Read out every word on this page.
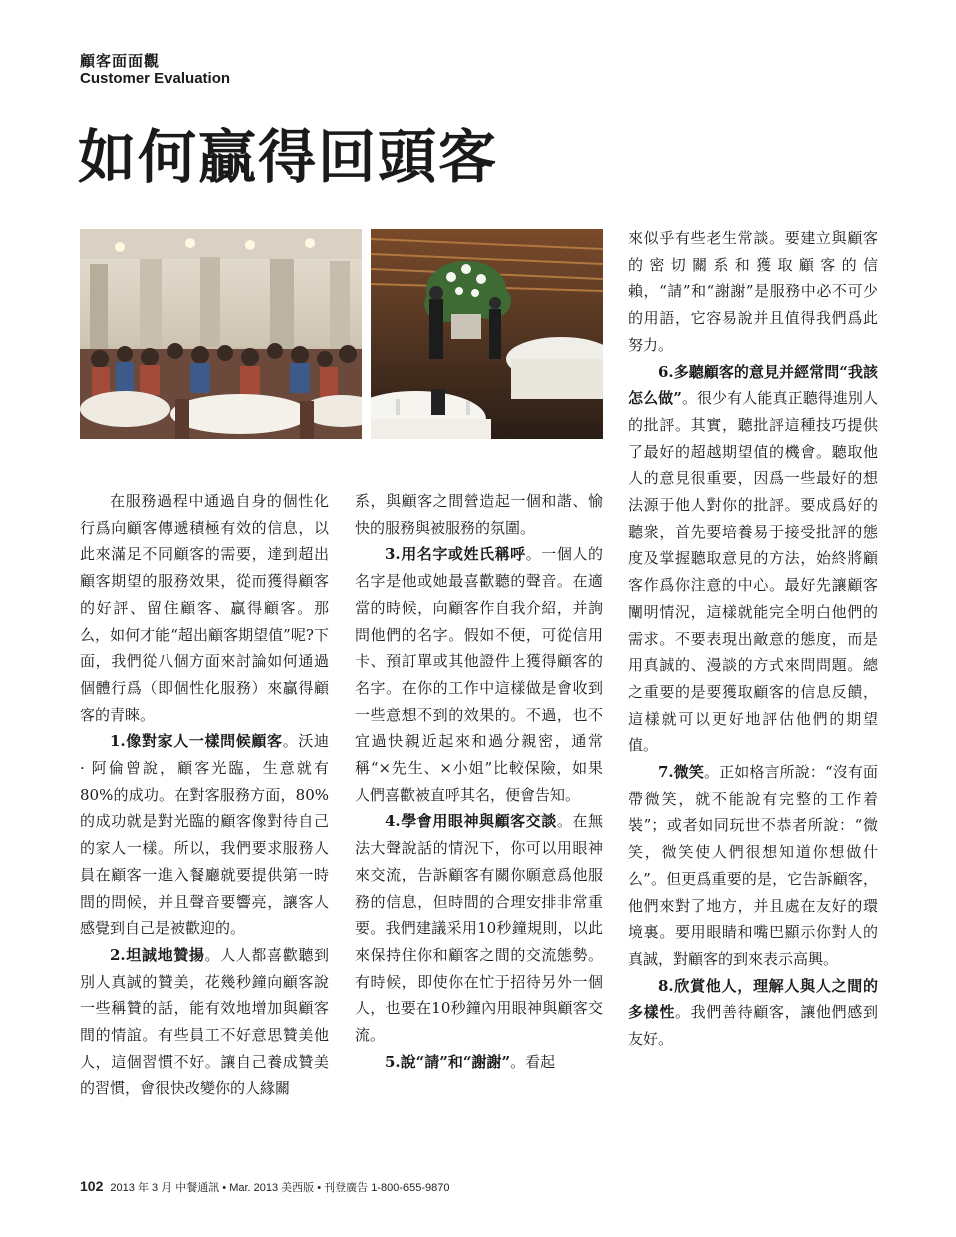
顧客面面觀
Customer Evaluation
如何贏得回頭客

在服務過程中通過自身的個性化行爲向顧客傳遞積極有效的信息，以此來滿足不同顧客的需要，達到超出顧客期望的服務效果，從而獲得顧客的好評、留住顧客、贏得顧客。那么，如何才能“超出顧客期望值”呢?下面，我們從八個方面來討論如何通過個體行爲（即個性化服務）來贏得顧客的青睞。

1.像對家人一樣問候顧客。沃迪 · 阿倫曾說，顧客光臨，生意就有80%的成功。在對客服務方面，80%的成功就是對光臨的顧客像對待自己的家人一樣。所以，我們要求服務人員在顧客一進入餐廳就要提供第一時間的問候，并且聲音要響亮，讓客人感覺到自己是被歡迎的。

2.坦誠地贊揚。人人都喜歡聽到別人真誠的贊美，花幾秒鐘向顧客說一些稱贊的話，能有效地增加與顧客間的情誼。有些員工不好意思贊美他人，這個習慣不好。讓自己養成贊美的習慣，會很快改變你的人緣關

系，與顧客之間營造起一個和諧、愉快的服務與被服務的氛圍。

3.用名字或姓氏稱呼。一個人的名字是他或她最喜歡聽的聲音。在適當的時候，向顧客作自我介紹，并詢問他們的名字。假如不便，可從信用卡、預訂單或其他證件上獲得顧客的名字。在你的工作中這樣做是會收到一些意想不到的效果的。不過，也不宜過快親近起來和過分親密，通常稱“×先生、×小姐”比較保險，如果人們喜歡被直呼其名，便會告知。

4.學會用眼神與顧客交談。在無法大聲說話的情況下，你可以用眼神來交流，告訴顧客有關你願意爲他服務的信息，但時間的合理安排非常重要。我們建議采用10秒鐘規則，以此來保持住你和顧客之間的交流態勢。有時候，即使你在忙于招待另外一個人，也要在10秒鐘內用眼神與顧客交流。

5.說“請”和“謝謝”。看起

來似乎有些老生常談。要建立與顧客的密切關系和獲取顧客的信賴，“請”和“謝謝”是服務中必不可少的用語，它容易說并且值得我們爲此努力。

6.多聽顧客的意見并經常問“我該怎么做”。很少有人能真正聽得進別人的批評。其實，聽批評這種技巧提供了最好的超越期望值的機會。聽取他人的意見很重要，因爲一些最好的想法源于他人對你的批評。要成爲好的聽衆，首先要培養易于接受批評的態度及掌握聽取意見的方法，始終將顧客作爲你注意的中心。最好先讓顧客闡明情況，這樣就能完全明白他們的需求。不要表現出敵意的態度，而是用真誠的、漫談的方式來問問題。總之重要的是要獲取顧客的信息反饋，這樣就可以更好地評估他們的期望值。

7.微笑。正如格言所說：“沒有面帶微笑，就不能說有完整的工作着裝”；或者如同玩世不恭者所說：“微笑，微笑使人們很想知道你想做什么”。但更爲重要的是，它告訴顧客，他們來對了地方，并且處在友好的環境裏。要用眼睛和嘴巴顯示你對人的真誠，對顧客的到來表示高興。

8.欣賞他人，理解人與人之間的多樣性。我們善待顧客，讓他們感到友好。

102 2013 年 3 月 中餐通訊 • Mar. 2013 美西版 • 刊登廣告 1-800-655-9870
